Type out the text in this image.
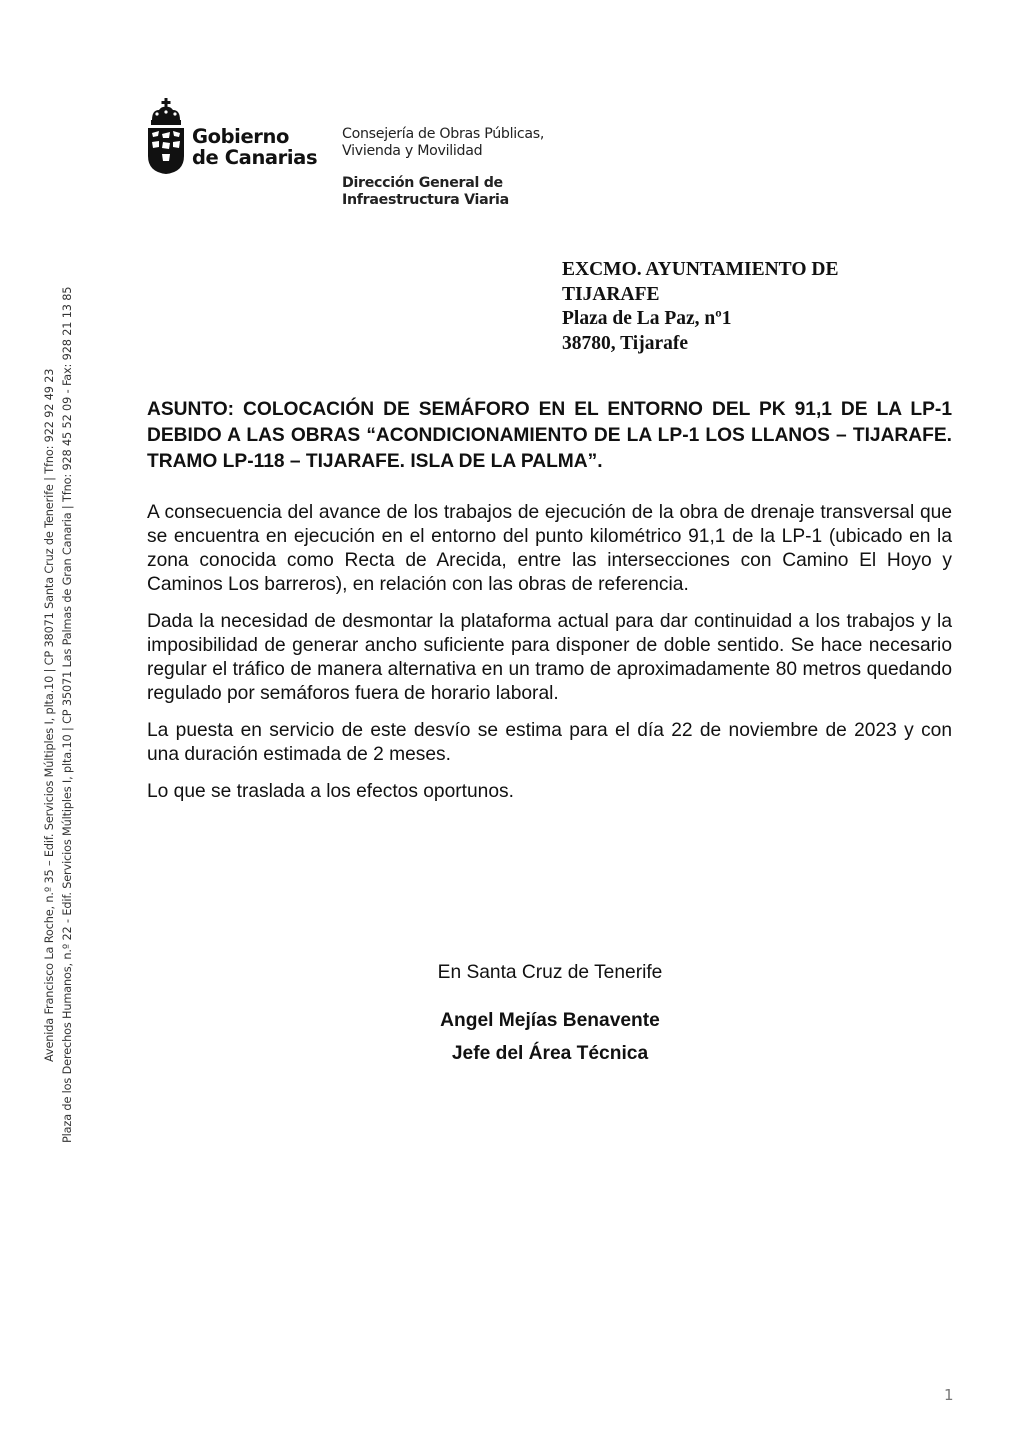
Gobierno
de Canarias
Consejería de Obras Públicas,
Vivienda y Movilidad
Dirección General de
Infraestructura Viaria
Avenida Francisco La Roche, n.º 35 – Edif. Servicios Múltiples I, plta.10 | CP 38071 Santa Cruz de Tenerife | Tfno: 922 92 49 23 Plaza de los Derechos Humanos, n.º 22 - Edif. Servicios Múltiples I, plta.10 | CP 35071 Las Palmas de Gran Canaria | Tfno: 928 45 52 09 - Fax: 928 21 13 85
EXCMO. AYUNTAMIENTO DE
TIJARAFE
Plaza de La Paz, nº1
38780, Tijarafe

ASUNTO: COLOCACIÓN DE SEMÁFORO EN EL ENTORNO DEL PK 91,1 DE LA LP-1 DEBIDO A LAS OBRAS “ACONDICIONAMIENTO DE LA LP-1 LOS LLANOS – TIJARAFE. TRAMO LP-118 – TIJARAFE. ISLA DE LA PALMA”.

A consecuencia del avance de los trabajos de ejecución de la obra de drenaje transversal que se encuentra en ejecución en el entorno del punto kilométrico 91,1 de la LP-1 (ubicado en la zona conocida como Recta de Arecida, entre las intersecciones con Camino El Hoyo y Caminos Los barreros), en relación con las obras de referencia.

Dada la necesidad de desmontar la plataforma actual para dar continuidad a los trabajos y la imposibilidad de generar ancho suficiente para disponer de doble sentido. Se hace necesario regular el tráfico de manera alternativa en un tramo de aproximadamente 80 metros quedando regulado por semáforos fuera de horario laboral.

La puesta en servicio de este desvío se estima para el día 22 de noviembre de 2023 y con una duración estimada de 2 meses.

Lo que se traslada a los efectos oportunos.

En Santa Cruz de Tenerife
Angel Mejías Benavente
Jefe del Área Técnica
1
